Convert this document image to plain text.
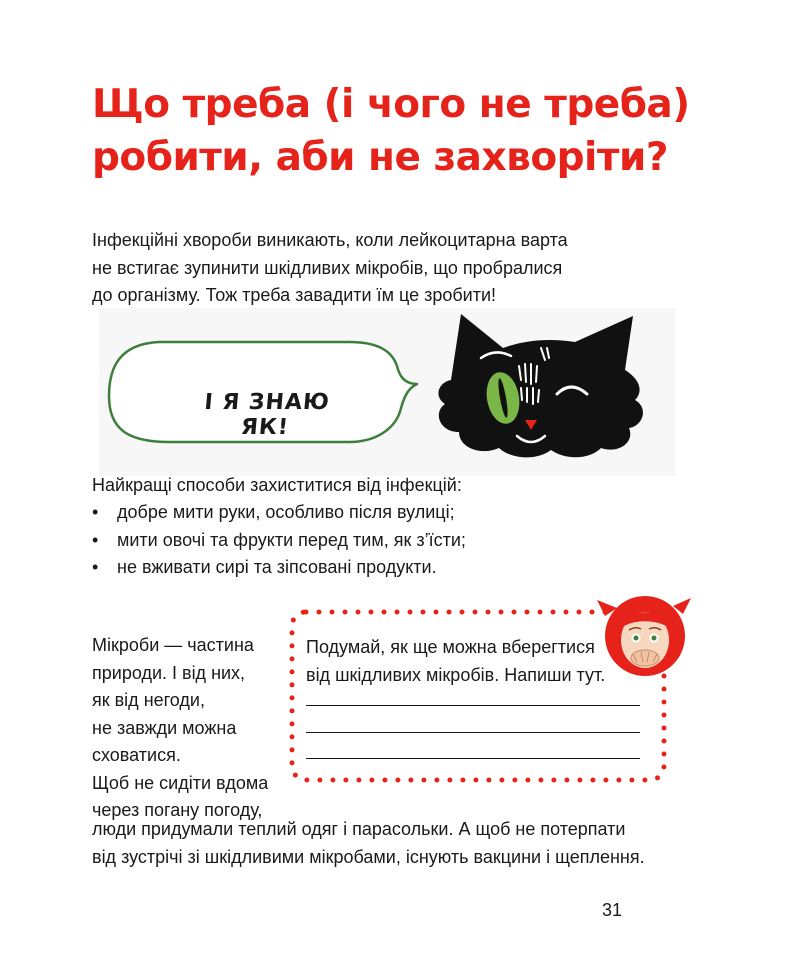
Що треба (і чого не треба)
робити, аби не захворіти?

Інфекційні хвороби виникають, коли лейкоцитарна варта
не встигає зупинити шкідливих мікробів, що пробралися
до організму. Тож треба завадити їм це зробити!

І Я ЗНАЮ ЯК!

Найкращі способи захиститися від інфекцій:

• добре мити руки, особливо після вулиці;
• мити овочі та фрукти перед тим, як з’їсти;
• не вживати сирі та зіпсовані продукти.

Мікроби — частина
природи. І від них,
як від негоди,
не завжди можна
сховатися.
Щоб не сидіти вдома
через погану погоду,

Подумай, як ще можна вберегтися
від шкідливих мікробів. Напиши тут.

люди придумали теплий одяг і парасольки. А щоб не потерпати
від зустрічі зі шкідливими мікробами, існують вакцини і щеплення.

31
